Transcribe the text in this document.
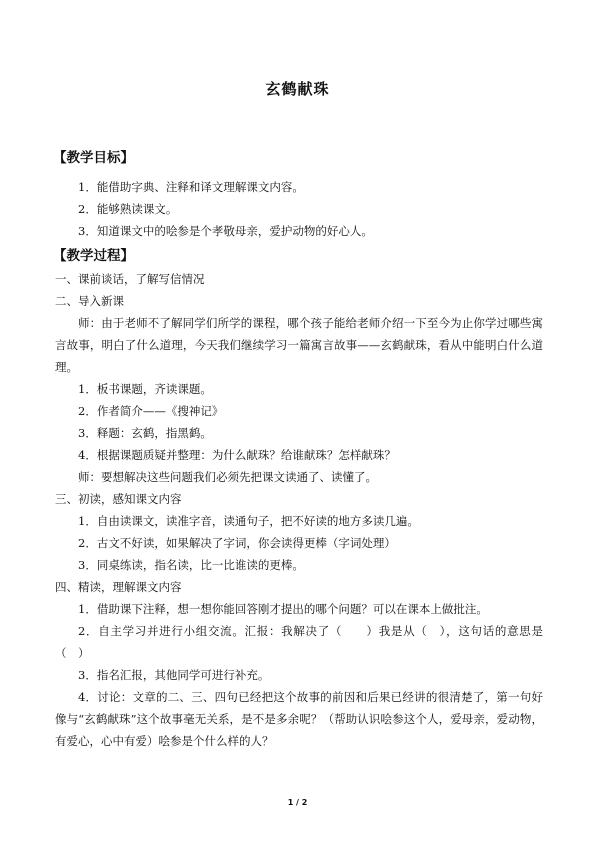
玄鹤献珠
【教学目标】
1．能借助字典、注释和译文理解课文内容。
2．能够熟读课文。
3．知道课文中的哙参是个孝敬母亲，爱护动物的好心人。
【教学过程】
一、课前谈话，了解写信情况
二、导入新课
师：由于老师不了解同学们所学的课程，哪个孩子能给老师介绍一下至今为止你学过哪些寓言故事，明白了什么道理，今天我们继续学习一篇寓言故事——玄鹤献珠，看从中能明白什么道理。
1．板书课题，齐读课题。
2．作者简介——《搜神记》
3．释题：玄鹤，指黑鹤。
4．根据课题质疑并整理：为什么献珠？给谁献珠？怎样献珠？
师：要想解决这些问题我们必须先把课文读通了、读懂了。
三、初读，感知课文内容
1．自由读课文，读准字音，读通句子，把不好读的地方多读几遍。
2．古文不好读，如果解决了字词，你会读得更棒（字词处理）
3．同桌练读，指名读，比一比谁读的更棒。
四、精读，理解课文内容
1．借助课下注释，想一想你能回答刚才提出的哪个问题？可以在课本上做批注。
2．自主学习并进行小组交流。汇报：我解决了（　　）我是从（　），这句话的意思是（　）
3．指名汇报，其他同学可进行补充。
4．讨论：文章的二、三、四句已经把这个故事的前因和后果已经讲的很清楚了，第一句好像与“玄鹤献珠”这个故事毫无关系，是不是多余呢？（帮助认识哙参这个人，爱母亲，爱动物，有爱心，心中有爱）哙参是个什么样的人？
1 / 2
